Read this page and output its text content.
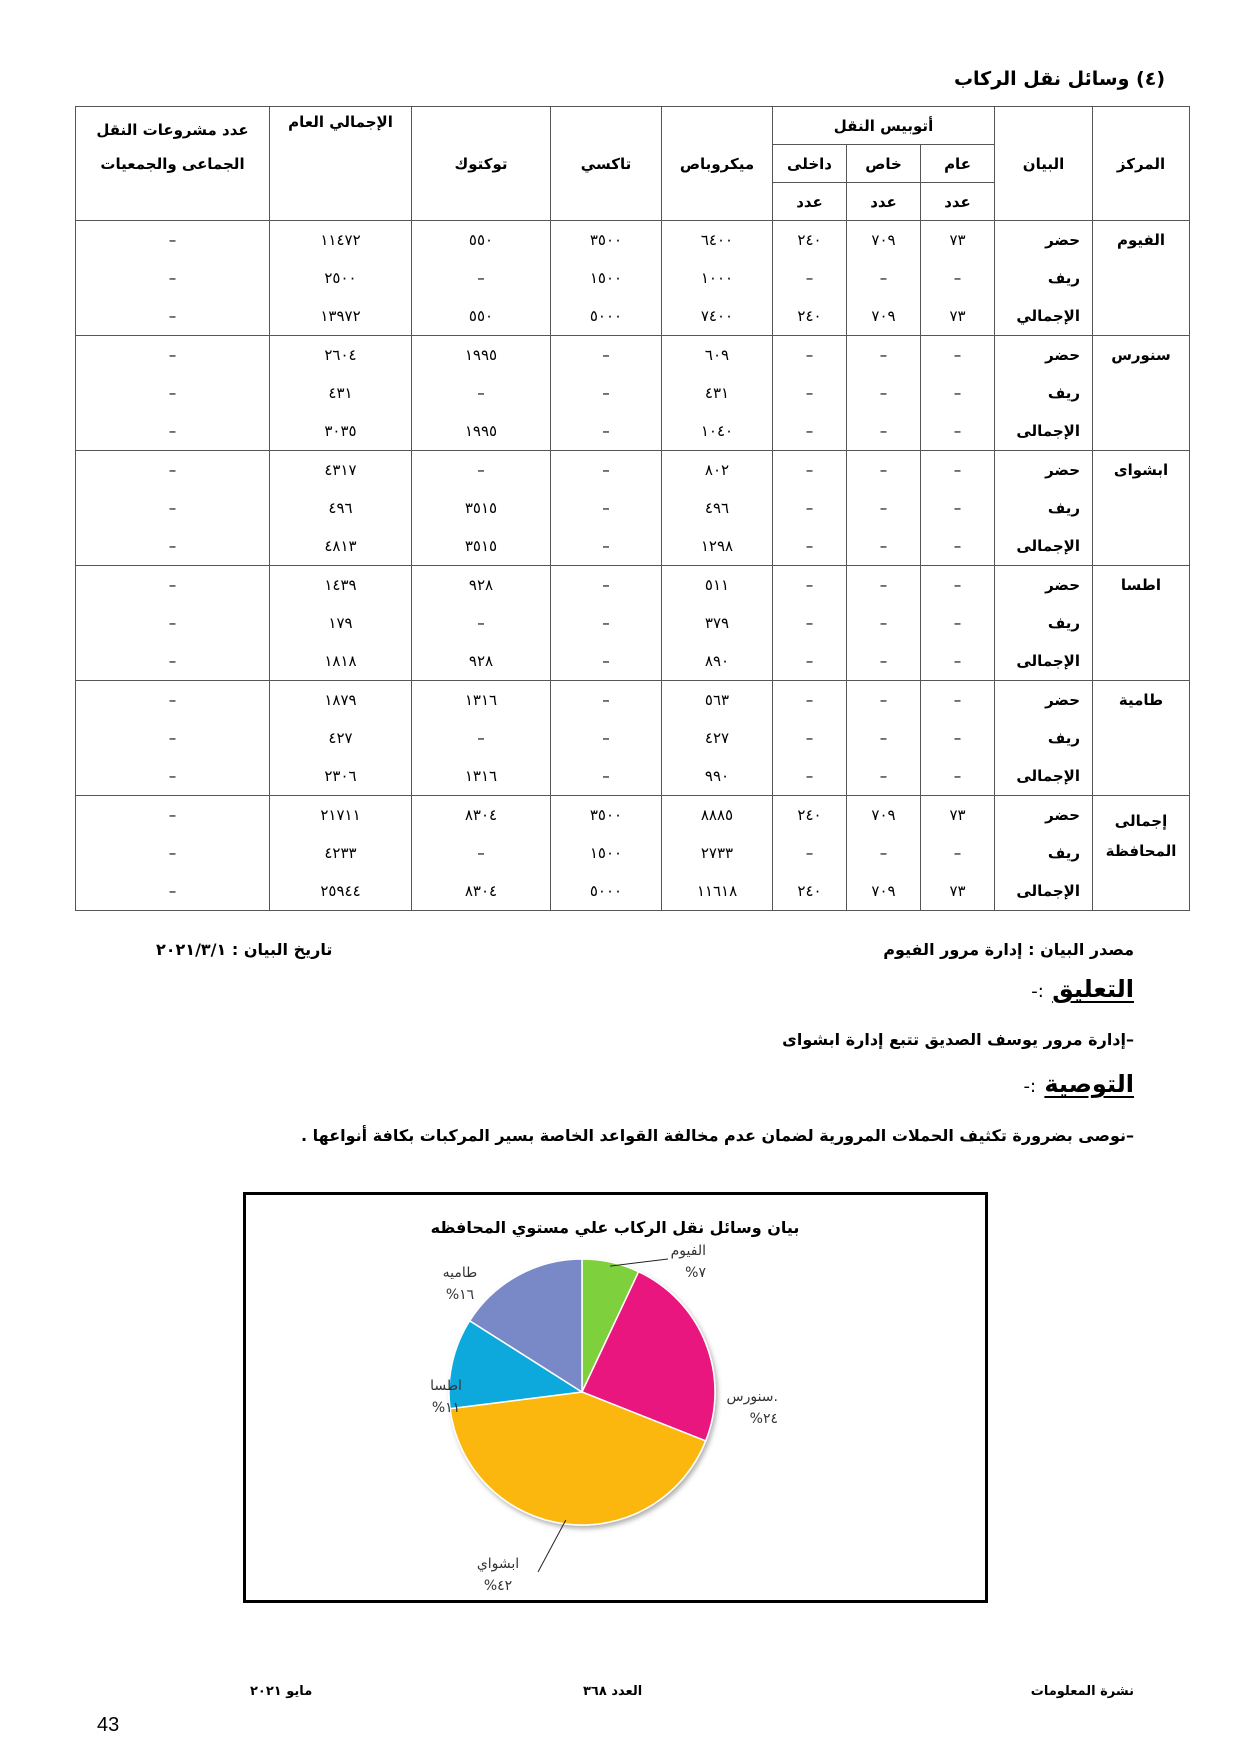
(٤) وسائل نقل الركاب
المركز	البيان	أتوبيس النقل			ميكروباص	تاكسي	توكتوك	الإجمالي العام	عدد مشروعات النقل الجماعى والجمعيات
		عام	خاص	داخلى					
		عدد	عدد	عدد					
الفيوم	حضر	٧٣	٧٠٩	٢٤٠	٦٤٠٠	٣٥٠٠	٥٥٠	١١٤٧٢	–
	ريف	–	–	–	١٠٠٠	١٥٠٠	–	٢٥٠٠	–
	الإجمالي	٧٣	٧٠٩	٢٤٠	٧٤٠٠	٥٠٠٠	٥٥٠	١٣٩٧٢	–
سنورس	حضر	–	–	–	٦٠٩	–	١٩٩٥	٢٦٠٤	–
	ريف	–	–	–	٤٣١	–	–	٤٣١	–
	الإجمالى	–	–	–	١٠٤٠	–	١٩٩٥	٣٠٣٥	–
ابشواى	حضر	–	–	–	٨٠٢	–	–	٤٣١٧	–
	ريف	–	–	–	٤٩٦	–	٣٥١٥	٤٩٦	–
	الإجمالى	–	–	–	١٢٩٨	–	٣٥١٥	٤٨١٣	–
اطسا	حضر	–	–	–	٥١١	–	٩٢٨	١٤٣٩	–
	ريف	–	–	–	٣٧٩	–	–	١٧٩	–
	الإجمالى	–	–	–	٨٩٠	–	٩٢٨	١٨١٨	–
طامية	حضر	–	–	–	٥٦٣	–	١٣١٦	١٨٧٩	–
	ريف	–	–	–	٤٢٧	–	–	٤٢٧	–
	الإجمالى	–	–	–	٩٩٠	–	١٣١٦	٢٣٠٦	–
إجمالى المحافظة	حضر	٧٣	٧٠٩	٢٤٠	٨٨٨٥	٣٥٠٠	٨٣٠٤	٢١٧١١	–
	ريف	–	–	–	٢٧٣٣	١٥٠٠	–	٤٢٣٣	–
	الإجمالى	٧٣	٧٠٩	٢٤٠	١١٦١٨	٥٠٠٠	٨٣٠٤	٢٥٩٤٤	–
مصدر البيان : إدارة مرور الفيوم
تاريخ البيان : ٢٠٢١/٣/١
التعليق :-
–إدارة مرور يوسف الصديق تتبع إدارة ابشواى
التوصية :-
–نوصى بضرورة تكثيف الحملات المرورية لضمان عدم مخالفة القواعد الخاصة بسير المركبات بكافة أنواعها .
بيان وسائل نقل الركاب علي مستوي المحافظه
الفيوم
%٧
سنورس.
%٢٤
ابشواي
%٤٢
اطسا
%١١
طاميه
%١٦
نشرة المعلومات
العدد ٣٦٨
مايو ٢٠٢١
43
